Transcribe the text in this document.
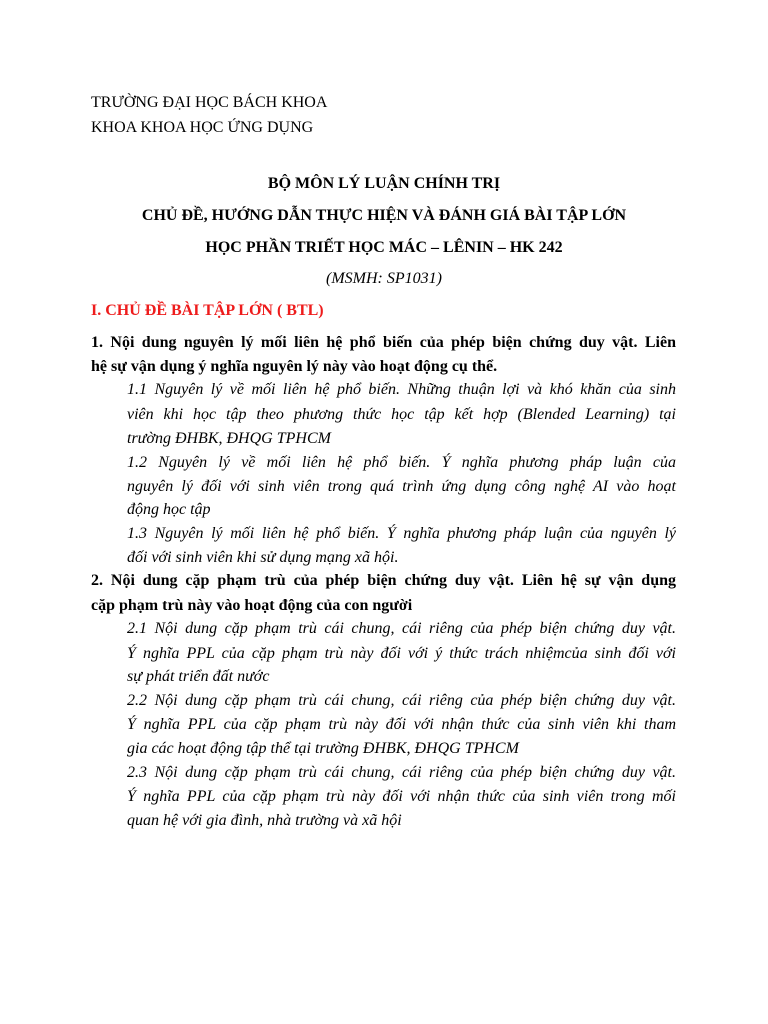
TRƯỜNG ĐẠI HỌC BÁCH KHOA
KHOA KHOA HỌC ỨNG DỤNG
BỘ MÔN LÝ LUẬN CHÍNH TRỊ
CHỦ ĐỀ, HƯỚNG DẪN THỰC HIỆN VÀ ĐÁNH GIÁ BÀI TẬP LỚN
HỌC PHẦN TRIẾT HỌC MÁC – LÊNIN – HK 242
(MSMH: SP1031)
I. CHỦ ĐỀ BÀI TẬP LỚN ( BTL)
1. Nội dung nguyên lý mối liên hệ phổ biến của phép biện chứng duy vật. Liên
hệ sự vận dụng ý nghĩa nguyên lý này vào hoạt động cụ thể.
1.1 Nguyên lý về mối liên hệ phổ biến. Những thuận lợi và khó khăn của sinh
viên khi học tập theo phương thức học tập kết hợp (Blended Learning) tại
trường ĐHBK, ĐHQG TPHCM
1.2 Nguyên lý về mối liên hệ phổ biến. Ý nghĩa phương pháp luận của
nguyên lý đối với sinh viên trong quá trình ứng dụng công nghệ AI vào hoạt
động học tập
1.3 Nguyên lý mối liên hệ phổ biến. Ý nghĩa phương pháp luận của nguyên lý
đối với sinh viên khi sử dụng mạng xã hội.
2. Nội dung cặp phạm trù của phép biện chứng duy vật. Liên hệ sự vận dụng
cặp phạm trù này vào hoạt động của con người
2.1 Nội dung cặp phạm trù cái chung, cái riêng của phép biện chứng duy vật.
Ý nghĩa PPL của cặp phạm trù này đối với ý thức trách nhiệmcủa sinh đối với
sự phát triển đất nước
2.2 Nội dung cặp phạm trù cái chung, cái riêng của phép biện chứng duy vật.
Ý nghĩa PPL của cặp phạm trù này đối với nhận thức của sinh viên khi tham
gia các hoạt động tập thể tại trường ĐHBK, ĐHQG TPHCM
2.3 Nội dung cặp phạm trù cái chung, cái riêng của phép biện chứng duy vật.
Ý nghĩa PPL của cặp phạm trù này đối với nhận thức của sinh viên trong mối
quan hệ với gia đình, nhà trường và xã hội
